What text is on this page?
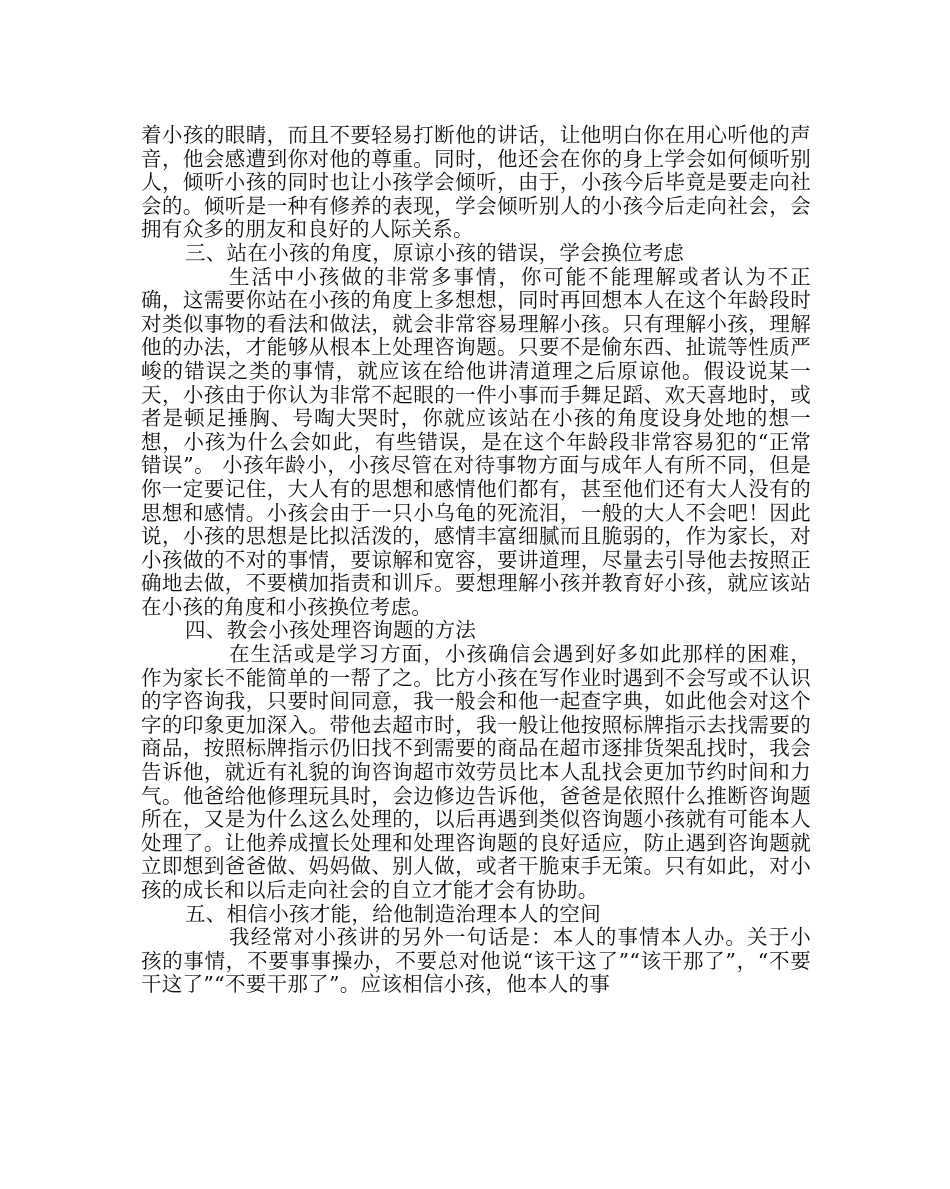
着小孩的眼睛，而且不要轻易打断他的讲话，让他明白你在用心听他的声音，他会感遭到你对他的尊重。同时，他还会在你的身上学会如何倾听别人，倾听小孩的同时也让小孩学会倾听，由于，小孩今后毕竟是要走向社会的。倾听是一种有修养的表现，学会倾听别人的小孩今后走向社会，会拥有众多的朋友和良好的人际关系。

三、站在小孩的角度，原谅小孩的错误，学会换位考虑

生活中小孩做的非常多事情，你可能不能理解或者认为不正确，这需要你站在小孩的角度上多想想，同时再回想本人在这个年龄段时对类似事物的看法和做法，就会非常容易理解小孩。只有理解小孩，理解他的办法，才能够从根本上处理咨询题。只要不是偷东西、扯谎等性质严峻的错误之类的事情，就应该在给他讲清道理之后原谅他。假设说某一天，小孩由于你认为非常不起眼的一件小事而手舞足蹈、欢天喜地时，或者是顿足捶胸、号啕大哭时，你就应该站在小孩的角度设身处地的想一想，小孩为什么会如此，有些错误，是在这个年龄段非常容易犯的“正常错误”。 小孩年龄小，小孩尽管在对待事物方面与成年人有所不同，但是你一定要记住，大人有的思想和感情他们都有，甚至他们还有大人没有的思想和感情。小孩会由于一只小乌龟的死流泪，一般的大人不会吧！因此说，小孩的思想是比拟活泼的，感情丰富细腻而且脆弱的，作为家长，对小孩做的不对的事情，要谅解和宽容，要讲道理，尽量去引导他去按照正确地去做，不要横加指责和训斥。要想理解小孩并教育好小孩，就应该站在小孩的角度和小孩换位考虑。

四、教会小孩处理咨询题的方法

在生活或是学习方面，小孩确信会遇到好多如此那样的困难，作为家长不能简单的一帮了之。比方小孩在写作业时遇到不会写或不认识的字咨询我，只要时间同意，我一般会和他一起查字典，如此他会对这个字的印象更加深入。带他去超市时，我一般让他按照标牌指示去找需要的商品，按照标牌指示仍旧找不到需要的商品在超市逐排货架乱找时，我会告诉他，就近有礼貌的询咨询超市效劳员比本人乱找会更加节约时间和力气。他爸给他修理玩具时，会边修边告诉他，爸爸是依照什么推断咨询题所在，又是为什么这么处理的，以后再遇到类似咨询题小孩就有可能本人处理了。让他养成擅长处理和处理咨询题的良好适应，防止遇到咨询题就立即想到爸爸做、妈妈做、别人做，或者干脆束手无策。只有如此，对小孩的成长和以后走向社会的自立才能才会有协助。

五、相信小孩才能，给他制造治理本人的空间

我经常对小孩讲的另外一句话是：本人的事情本人办。关于小孩的事情，不要事事操办，不要总对他说“该干这了”“该干那了”，“不要干这了”“不要干那了”。应该相信小孩，他本人的事
